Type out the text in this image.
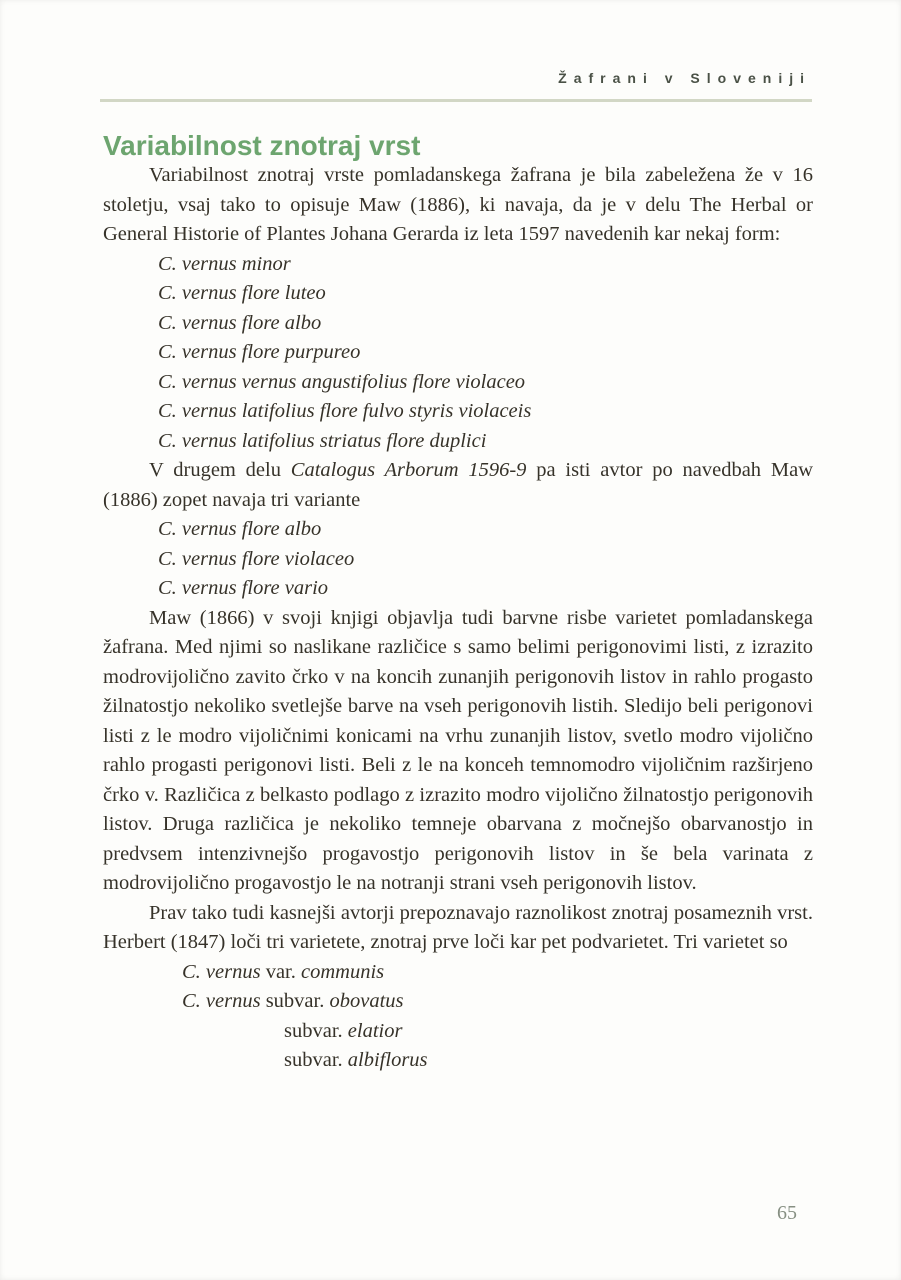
Žafrani v Sloveniji
Variabilnost znotraj vrst

Variabilnost znotraj vrste pomladanskega žafrana je bila zabeležena že v 16 stoletju, vsaj tako to opisuje Maw (1886), ki navaja, da je v delu The Herbal or General Historie of Plantes Johana Gerarda iz leta 1597 navedenih kar nekaj form:

C. vernus minor
C. vernus flore luteo
C. vernus flore albo
C. vernus flore purpureo
C. vernus vernus angustifolius flore violaceo
C. vernus latifolius flore fulvo styris violaceis
C. vernus latifolius striatus flore duplici

V drugem delu Catalogus Arborum 1596-9 pa isti avtor po navedbah Maw (1886) zopet navaja tri variante

C. vernus flore albo
C. vernus flore violaceo
C. vernus flore vario

Maw (1866) v svoji knjigi objavlja tudi barvne risbe varietet pomladanskega žafrana. Med njimi so naslikane različice s samo belimi perigonovimi listi, z izrazito modrovijolično zavito črko v na koncih zunanjih perigonovih listov in rahlo progasto žilnatostjo nekoliko svetlejše barve na vseh perigonovih listih. Sledijo beli perigonovi listi z le modro vijoličnimi konicami na vrhu zunanjih listov, svetlo modro vijolično rahlo progasti perigonovi listi. Beli z le na konceh temnomodro vijoličnim razširjeno črko v. Različica z belkasto podlago z izrazito modro vijolično žilnatostjo perigonovih listov. Druga različica je nekoliko temneje obarvana z močnejšo obarvanostjo in predvsem intenzivnejšo progavostjo perigonovih listov in še bela varinata z modrovijolično progavostjo le na notranji strani vseh perigonovih listov.

Prav tako tudi kasnejši avtorji prepoznavajo raznolikost znotraj posameznih vrst. Herbert (1847) loči tri varietete, znotraj prve loči kar pet podvarietet. Tri varietet so

C. vernus var. communis
C. vernus subvar. obovatus
subvar. elatior
subvar. albiflorus
65
